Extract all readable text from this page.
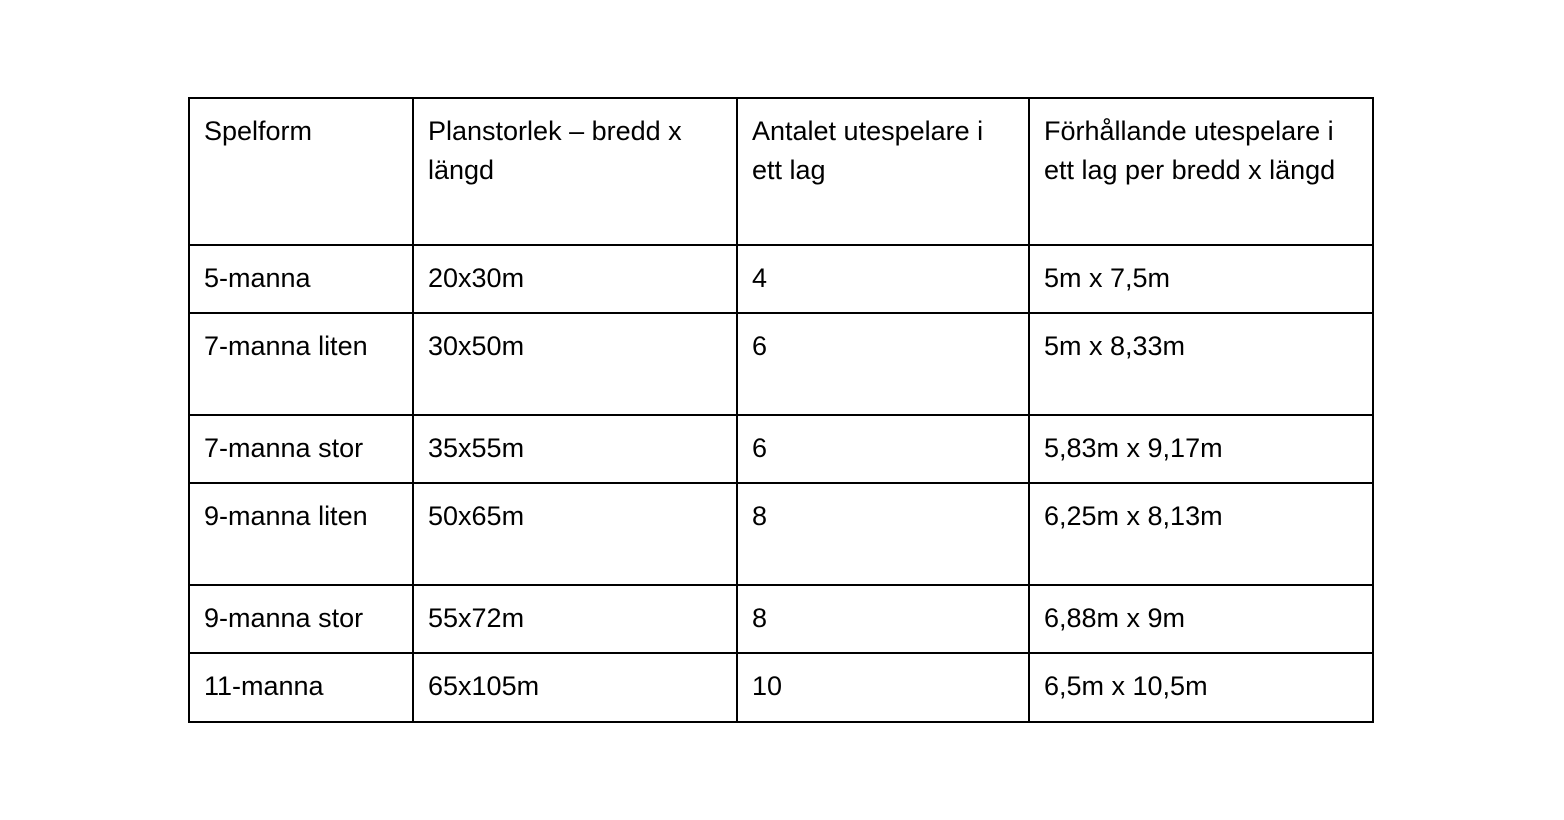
Spelform	Planstorlek – bredd x längd	Antalet utespelare i ett lag	Förhållande utespelare i ett lag per bredd x längd
5-manna	20x30m	4	5m x 7,5m
7-manna liten	30x50m	6	5m x 8,33m
7-manna stor	35x55m	6	5,83m x 9,17m
9-manna liten	50x65m	8	6,25m x 8,13m
9-manna stor	55x72m	8	6,88m x 9m
11-manna	65x105m	10	6,5m x 10,5m
